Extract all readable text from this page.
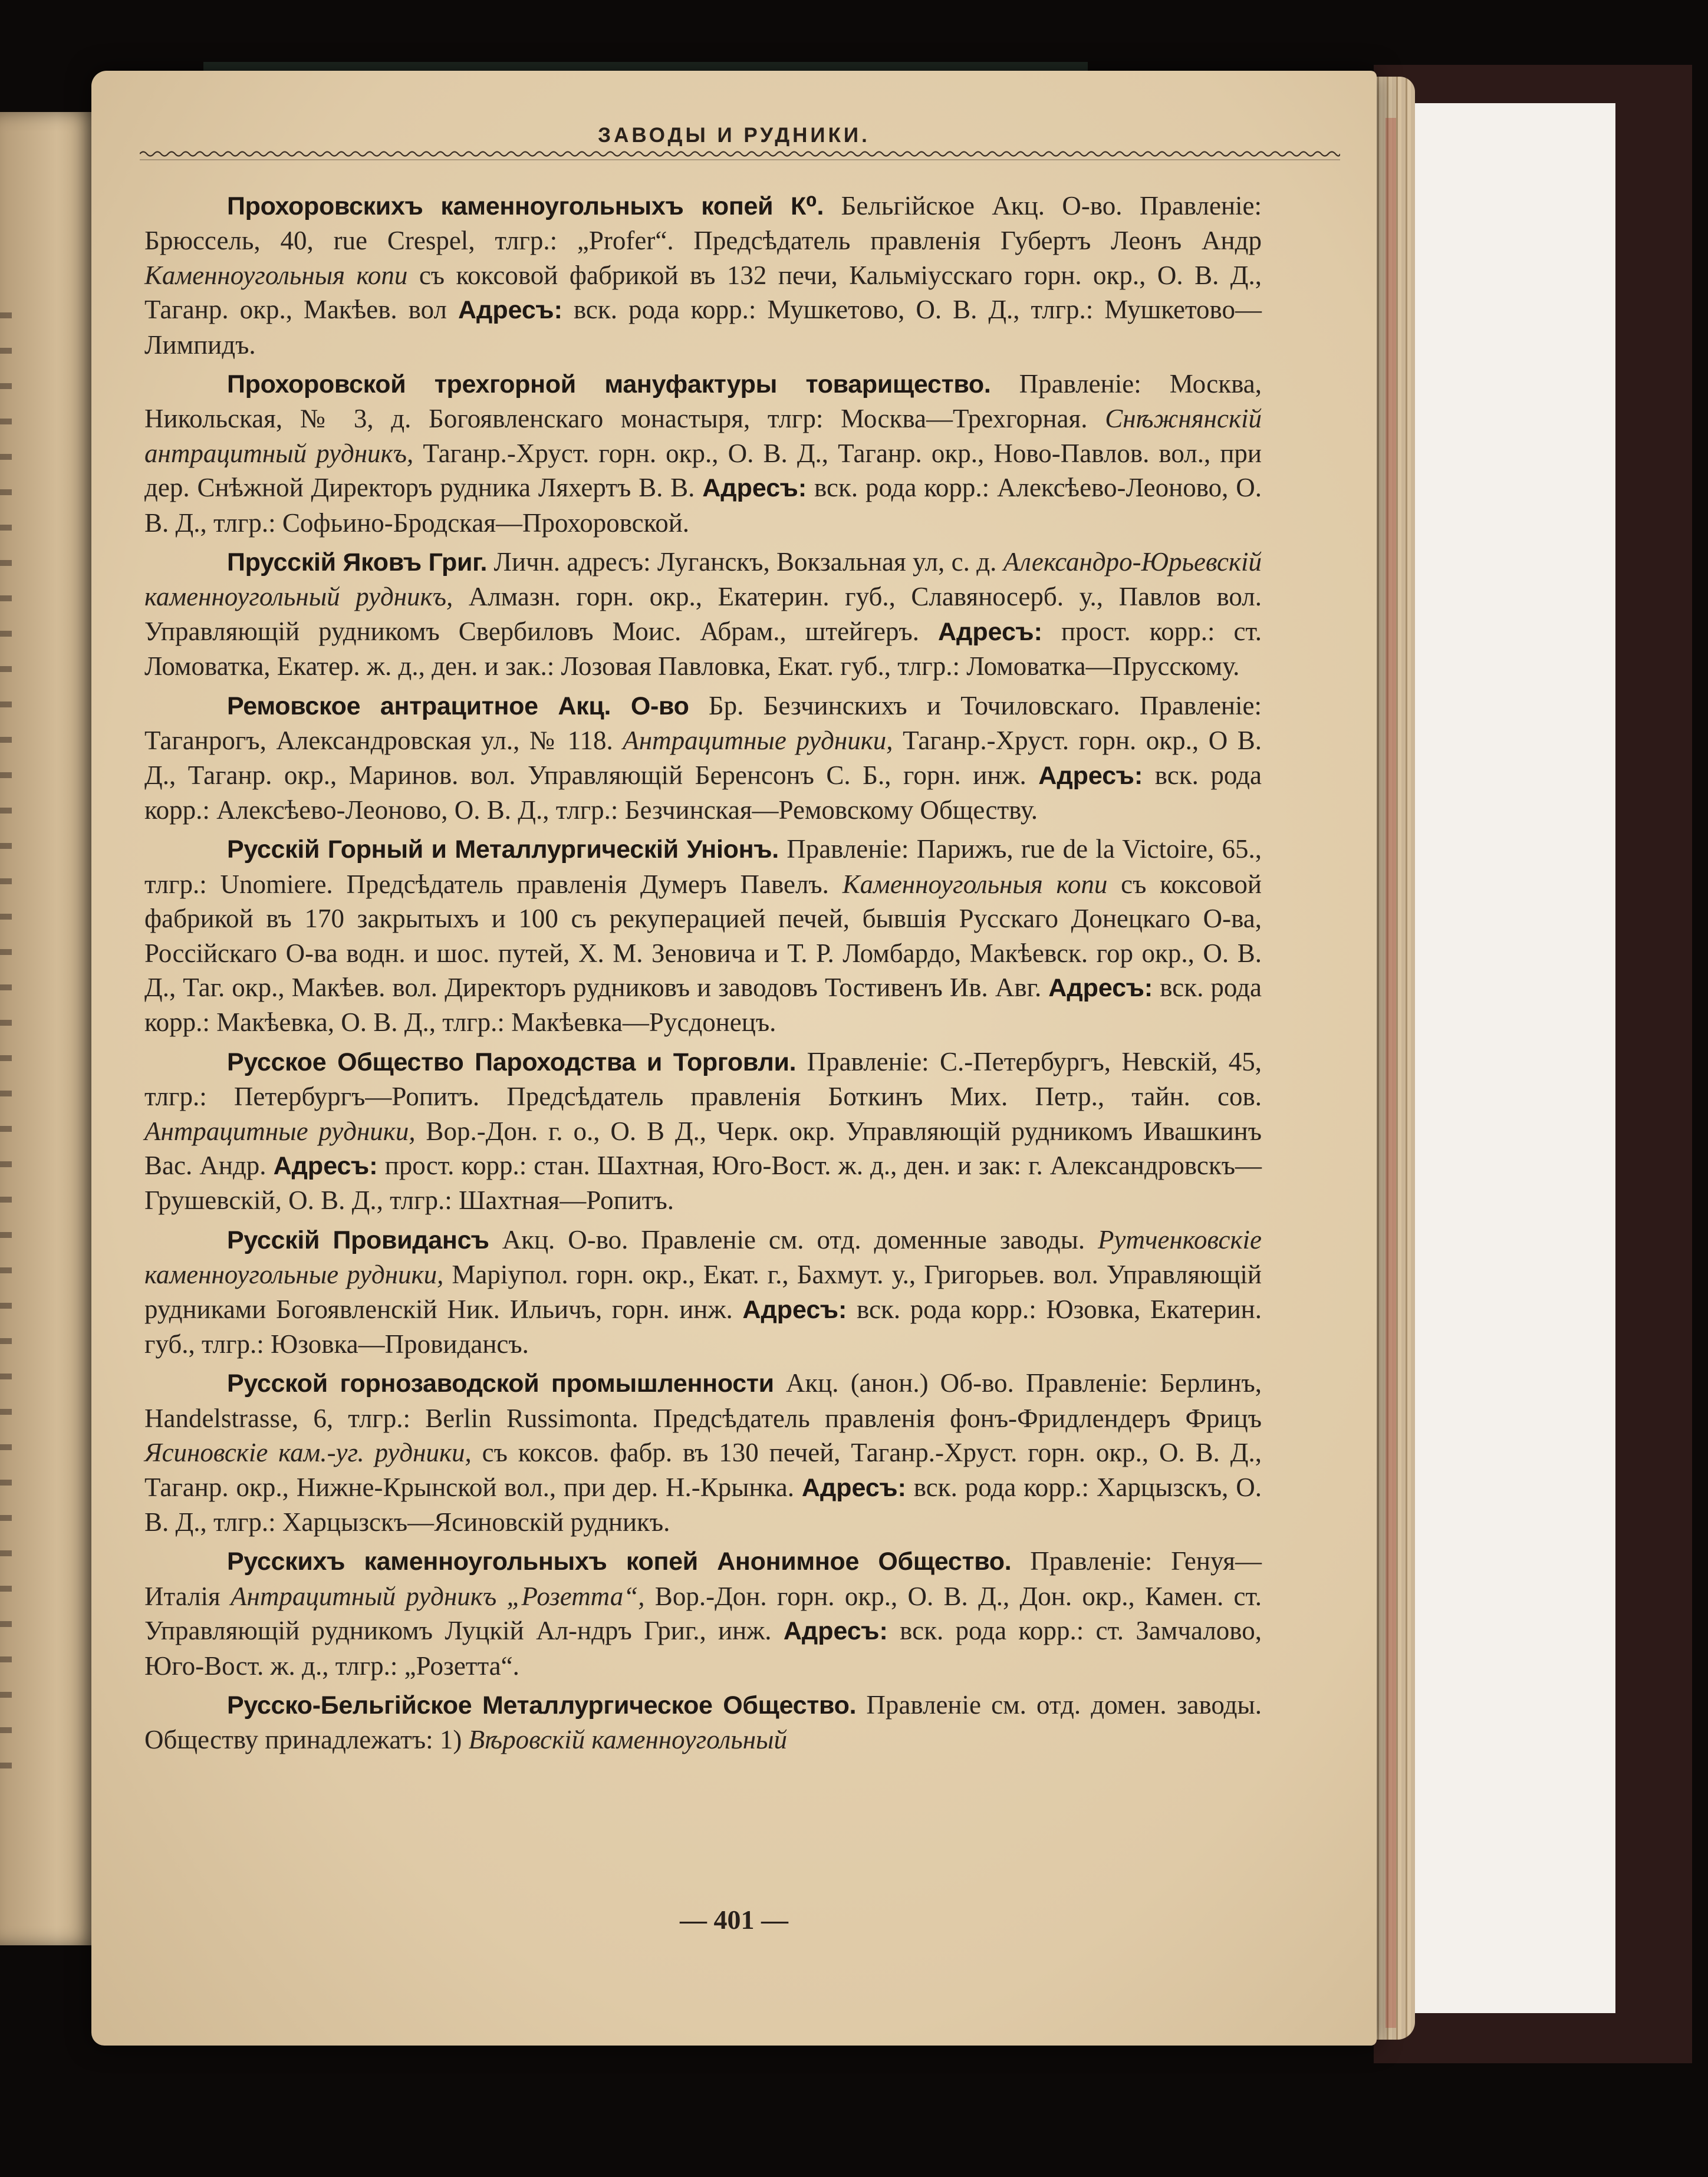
ЗАВОДЫ И РУДНИКИ.

Прохоровскихъ каменноугольныхъ копей К⁰. Бельгійское Акц. О-во. Правленіе: Брюссель, 40, rue Crespel, тлгр.: „Profer“. Предсѣдатель правленія Губертъ Леонъ Андр Каменноугольныя копи съ коксовой фабрикой въ 132 печи, Кальміусскаго горн. окр., О. В. Д., Таганр. окр., Макѣев. вол Адресъ: вск. рода корр.: Мушкетово, О. В. Д., тлгр.: Мушкетово—Лимпидъ.

Прохоровской трехгорной мануфактуры товарищество. Правленіе: Москва, Никольская, № 3, д. Богоявленскаго монастыря, тлгр: Москва—Трехгорная. Снѣжнянскій антрацитный рудникъ, Таганр.-Хруст. горн. окр., О. В. Д., Таганр. окр., Ново-Павлов. вол., при дер. Снѣжной Директоръ рудника Ляхертъ В. В. Адресъ: вск. рода корр.: Алексѣево-Леоново, О. В. Д., тлгр.: Софьино-Бродская—Прохоровской.

Прусскій Яковъ Григ. Личн. адресъ: Луганскъ, Вокзальная ул, с. д. Александро-Юрьевскій каменноугольный рудникъ, Алмазн. горн. окр., Екатерин. губ., Славяносерб. у., Павлов вол. Управляющій рудникомъ Свербиловъ Моис. Абрам., штейгеръ. Адресъ: прост. корр.: ст. Ломоватка, Екатер. ж. д., ден. и зак.: Лозовая Павловка, Екат. губ., тлгр.: Ломоватка—Прусскому.

Ремовское антрацитное Акц. О-во Бр. Безчинскихъ и Точиловскаго. Правленіе: Таганрогъ, Александровская ул., № 118. Антрацитные рудники, Таганр.-Хруст. горн. окр., О В. Д., Таганр. окр., Маринов. вол. Управляющій Беренсонъ С. Б., горн. инж. Адресъ: вск. рода корр.: Алексѣево-Леоново, О. В. Д., тлгр.: Безчинская—Ремовскому Обществу.

Русскій Горный и Металлургическій Уніонъ. Правленіе: Парижъ, rue de la Victoire, 65., тлгр.: Unomiere. Предсѣдатель правленія Думеръ Павелъ. Каменноугольныя копи съ коксовой фабрикой въ 170 закрытыхъ и 100 съ рекуперацией печей, бывшія Русскаго Донецкаго О-ва, Россійскаго О-ва водн. и шос. путей, Х. М. Зеновича и Т. Р. Ломбардо, Макѣевск. гор окр., О. В. Д., Таг. окр., Макѣев. вол. Директоръ рудниковъ и заводовъ Тостивенъ Ив. Авг. Адресъ: вск. рода корр.: Макѣевка, О. В. Д., тлгр.: Макѣевка—Русдонецъ.

Русское Общество Пароходства и Торговли. Правленіе: С.-Петербургъ, Невскій, 45, тлгр.: Петербургъ—Ропитъ. Предсѣдатель правленія Боткинъ Мих. Петр., тайн. сов. Антрацитные рудники, Вор.-Дон. г. о., О. В Д., Черк. окр. Управляющій рудникомъ Ивашкинъ Вас. Андр. Адресъ: прост. корр.: стан. Шахтная, Юго-Вост. ж. д., ден. и зак: г. Александровскъ—Грушевскій, О. В. Д., тлгр.: Шахтная—Ропитъ.

Русскій Провидансъ Акц. О-во. Правленіе см. отд. доменные заводы. Рутченковскіе каменноугольные рудники, Маріупол. горн. окр., Екат. г., Бахмут. у., Григорьев. вол. Управляющій рудниками Богоявленскій Ник. Ильичъ, горн. инж. Адресъ: вск. рода корр.: Юзовка, Екатерин. губ., тлгр.: Юзовка—Провидансъ.

Русской горнозаводской промышленности Акц. (анон.) Об-во. Правленіе: Берлинъ, Handelstrasse, 6, тлгр.: Berlin Russimonta. Предсѣдатель правленія фонъ-Фридлендеръ Фрицъ Ясиновскіе кам.-уг. рудники, съ коксов. фабр. въ 130 печей, Таганр.-Хруст. горн. окр., О. В. Д., Таганр. окр., Нижне-Крынской вол., при дер. Н.-Крынка. Адресъ: вск. рода корр.: Харцызскъ, О. В. Д., тлгр.: Харцызскъ—Ясиновскій рудникъ.

Русскихъ каменноугольныхъ копей Анонимное Общество. Правленіе: Генуя—Италія Антрацитный рудникъ „Розетта“, Вор.-Дон. горн. окр., О. В. Д., Дон. окр., Камен. ст. Управляющій рудникомъ Луцкій Ал-ндръ Григ., инж. Адресъ: вск. рода корр.: ст. Замчалово, Юго-Вост. ж. д., тлгр.: „Розетта“.

Русско-Бельгійское Металлургическое Общество. Правленіе см. отд. домен. заводы. Обществу принадлежатъ: 1) Вѣровскій каменноугольный

— 401 —
